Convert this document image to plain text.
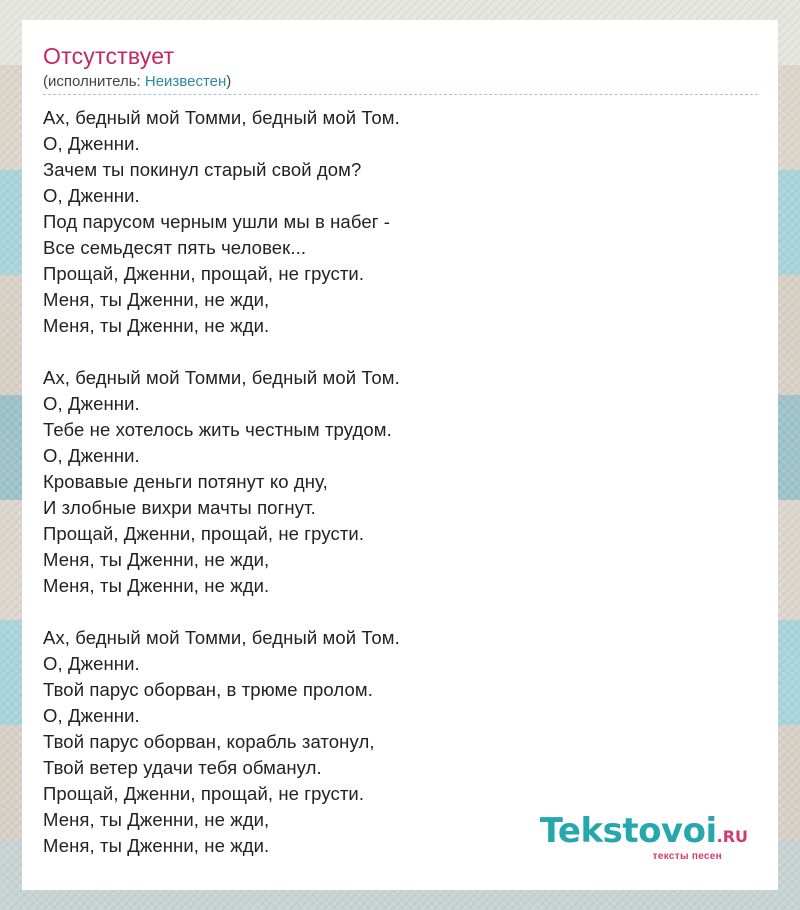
Отсутствует
(исполнитель: Неизвестен)
Ах, бедный мой Томми, бедный мой Том.
О, Дженни.
Зачем ты покинул старый свой дом?
О, Дженни.
Под парусом черным ушли мы в набег -
Все семьдесят пять человек...
Прощай, Дженни, прощай, не грусти.
Меня, ты Дженни, не жди,
Меня, ты Дженни, не жди.
Ах, бедный мой Томми, бедный мой Том.
О, Дженни.
Тебе не хотелось жить честным трудом.
О, Дженни.
Кровавые деньги потянут ко дну,
И злобные вихри мачты погнут.
Прощай, Дженни, прощай, не грусти.
Меня, ты Дженни, не жди,
Меня, ты Дженни, не жди.
Ах, бедный мой Томми, бедный мой Том.
О, Дженни.
Твой парус оборван, в трюме пролом.
О, Дженни.
Твой парус оборван, корабль затонул,
Твой ветер удачи тебя обманул.
Прощай, Дженни, прощай, не грусти.
Меня, ты Дженни, не жди,
Меня, ты Дженни, не жди.	Tekstovoi.RU
тексты песен
